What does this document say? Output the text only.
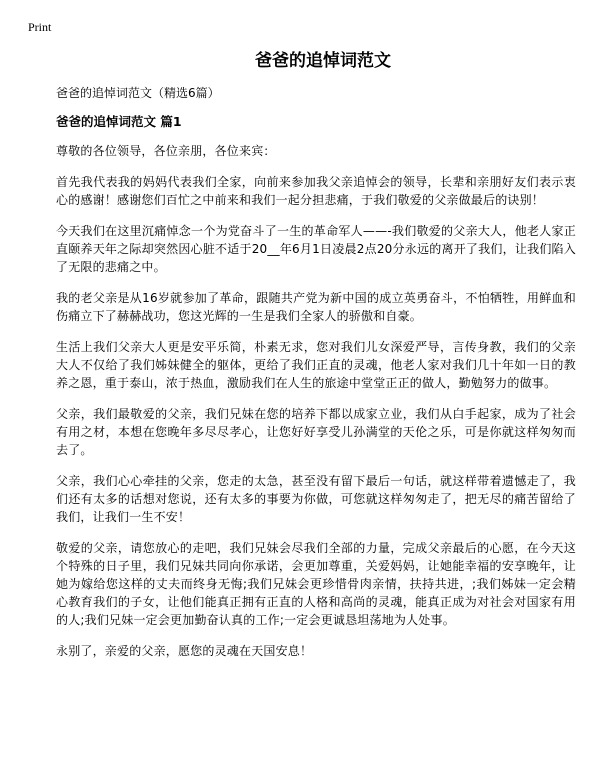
Print
爸爸的追悼词范文
爸爸的追悼词范文（精选6篇）
爸爸的追悼词范文 篇1

尊敬的各位领导，各位亲朋，各位来宾：

首先我代表我的妈妈代表我们全家，向前来参加我父亲追悼会的领导，长辈和亲朋好友们表示衷心的感谢！感谢您们百忙之中前来和我们一起分担悲痛，于我们敬爱的父亲做最后的诀别！

今天我们在这里沉痛悼念一个为党奋斗了一生的革命军人——-我们敬爱的父亲大人，他老人家正直颐养天年之际却突然因心脏不适于20__年6月1日凌晨2点20分永远的离开了我们，让我们陷入了无限的悲痛之中。

我的老父亲是从16岁就参加了革命，跟随共产党为新中国的成立英勇奋斗，不怕牺牲，用鲜血和伤痛立下了赫赫战功，您这光辉的一生是我们全家人的骄傲和自豪。

生活上我们父亲大人更是安平乐简，朴素无求，您对我们儿女深爱严导，言传身教，我们的父亲大人不仅给了我们姊妹健全的躯体，更给了我们正直的灵魂，他老人家对我们几十年如一日的教养之恩，重于泰山，浓于热血，激励我们在人生的旅途中堂堂正正的做人，勤勉努力的做事。

父亲，我们最敬爱的父亲，我们兄妹在您的培养下都以成家立业，我们从白手起家，成为了社会有用之材，本想在您晚年多尽尽孝心，让您好好享受儿孙满堂的天伦之乐，可是你就这样匆匆而去了。

父亲，我们心心牵挂的父亲，您走的太急，甚至没有留下最后一句话，就这样带着遗憾走了，我们还有太多的话想对您说，还有太多的事要为你做，可您就这样匆匆走了，把无尽的痛苦留给了我们，让我们一生不安！

敬爱的父亲，请您放心的走吧，我们兄妹会尽我们全部的力量，完成父亲最后的心愿，在今天这个特殊的日子里，我们兄妹共同向你承诺，会更加尊重，关爱妈妈，让她能幸福的安享晚年，让她为嫁给您这样的丈夫而终身无悔;我们兄妹会更珍惜骨肉亲情，扶持共进，;我们姊妹一定会精心教育我们的子女，让他们能真正拥有正直的人格和高尚的灵魂，能真正成为对社会对国家有用的人;我们兄妹一定会更加勤奋认真的工作;一定会更诚恳坦荡地为人处事。

永别了，亲爱的父亲，愿您的灵魂在天国安息！
